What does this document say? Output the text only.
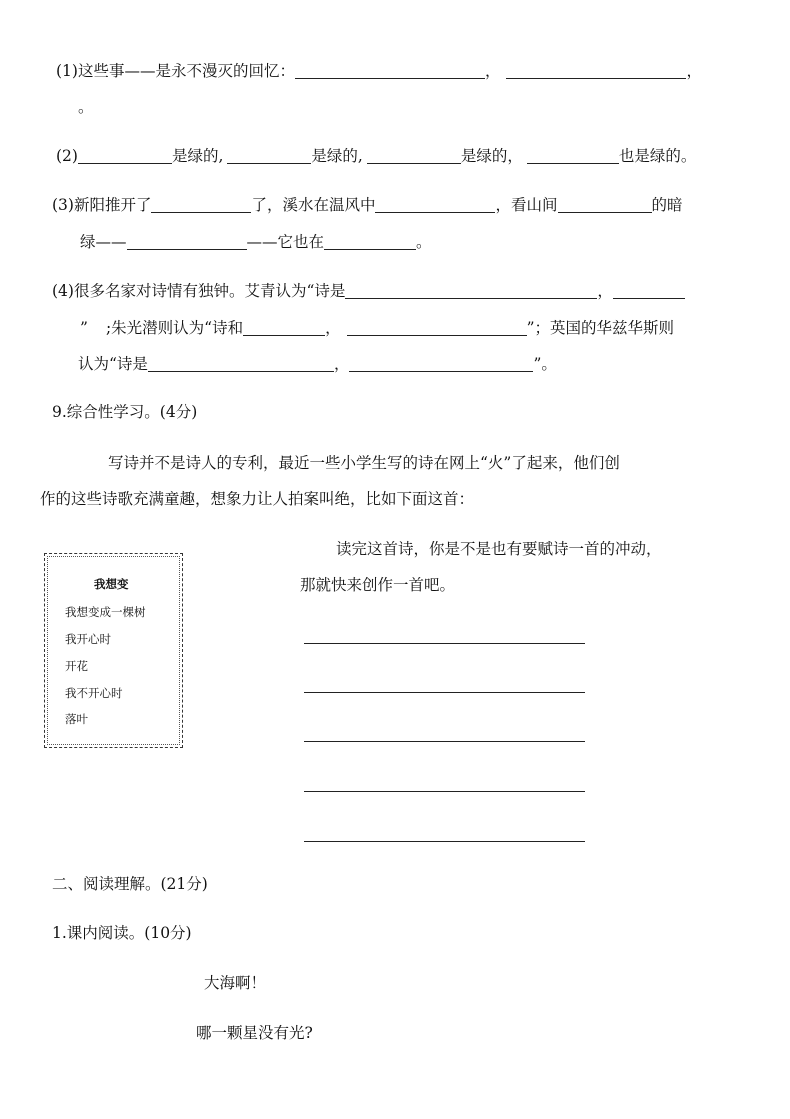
(1)这些事——是永不漫灭的回忆：	，	，
。
(2)	是绿的,	是绿的,	是绿的，	也是绿的。
(3)新阳推开了	了，溪水在温风中	，看山间	的暗
绿——	——它也在	。
(4)很多名家对诗情有独钟。艾青认为“诗是	，
” ;朱光潜则认为“诗和	，	”；英国的华兹华斯则
认为“诗是	，	”。
9.综合性学习。(4分)
写诗并不是诗人的专利，最近一些小学生写的诗在网上“火”了起来，他们创
作的这些诗歌充满童趣，想象力让人拍案叫绝，比如下面这首：
我想变
我想变成一棵树
我开心时
开花
我不开心时
落叶
读完这首诗，你是不是也有要赋诗一首的冲动，
那就快来创作一首吧。
二、阅读理解。(21分)
1.课内阅读。(10分)
大海啊！
哪一颗星没有光?
